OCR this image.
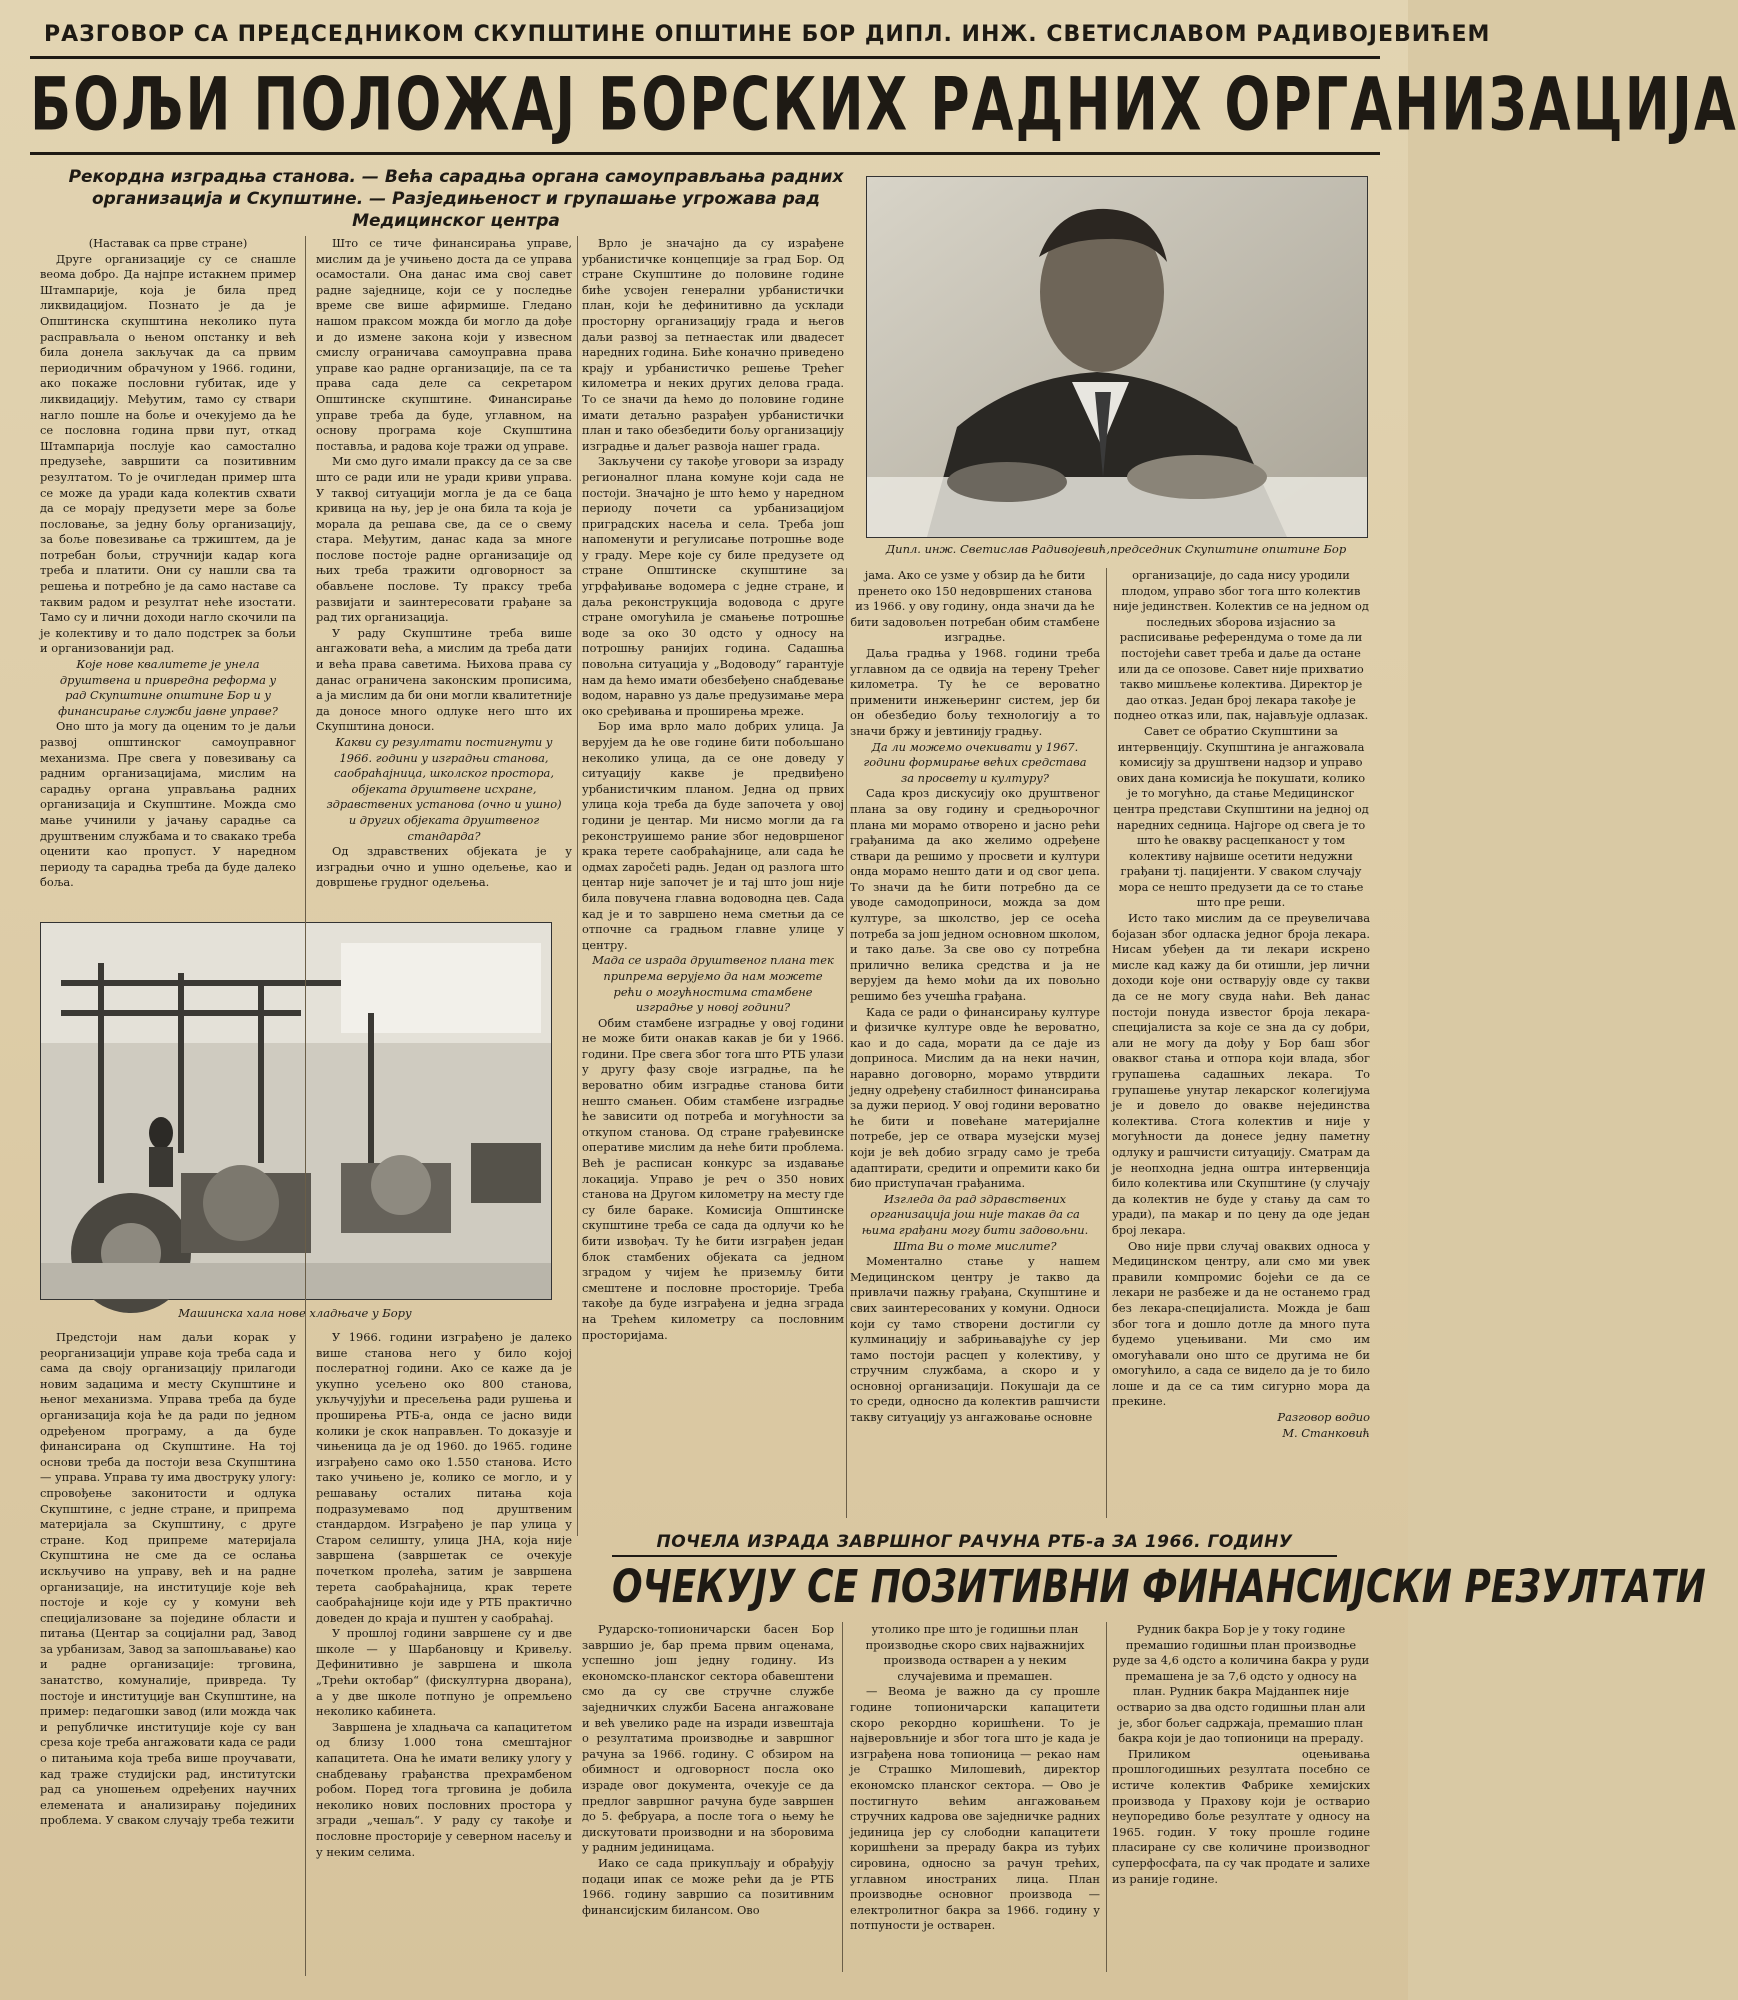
РАЗГОВОР СА ПРЕДСЕДНИКОМ СКУПШТИНЕ ОПШТИНЕ БОР ДИПЛ. ИНЖ. СВЕТИСЛАВОМ РАДИВОЈЕВИЋЕМ
БОЉИ ПОЛОЖАЈ БОРСКИХ РАДНИХ ОРГАНИЗАЦИЈА
Рекордна изградња станова. — Већа сарадња органа самоуправљања радних организација и Скупштине. — Разједињеност и групашање угрожава рад Медицинског центра
Дипл. инж. Светислав Радивојевић,председник Скупштине општине Бор
Машинска хала нове хладњаче у Бору

(Наставак са прве стране)

Друге организације су се снашле веома добро. Да најпре истакнем пример Штампарије, која је била пред ликвидацијом. Познато је да је Општинска скупштина неколико пута расправљала о њеном опстанку и већ била донела закључак да са првим периодичним обрачуном у 1966. години, ако покаже пословни губитак, иде у ликвидацију. Међутим, тамо су ствари нагло пошле на боље и очекујемо да ће се пословна година први пут, откад Штампарија послује као самостално предузеће, завршити са позитивним резултатом. То је очигледан пример шта се може да уради када колектив схвати да се морају предузети мере за боље пословање, за једну бољу организацију, за боље повезивање са тржиштем, да је потребан бољи, стручнији кадар кога треба и платити. Они су нашли сва та решења и потребно је да само наставе са таквим радом и резултат неће изостати. Тамо су и лични доходи нагло скочили па је колективу и то дало подстрек за бољи и организованији рад.

Које нове квалитете је унела друштвена и привредна реформа у рад Скупштине општине Бор и у финансирање служби јавне управе?

Оно што ја могу да оценим то је даљи развој општинског самоуправног механизма. Пре свега у повезивању са радним организацијама, мислим на сарадњу органа управљања радних организација и Скупштине. Можда смо мање учинили у јачању сарадње са друштвеним службама и то свакако треба оценити као пропуст. У наредном периоду та сарадња треба да буде далеко боља.

Предстоји нам даљи корак у реорганизацији управе која треба сада и сама да своју организацију прилагоди новим задацима и месту Скупштине и њеног механизма. Управа треба да буде организација која ће да ради по једном одређеном програму, а да буде финансирана од Скупштине. На тој основи треба да постоји веза Скупштина — управа. Управа ту има двоструку улогу: спровођење законитости и одлука Скупштине, с једне стране, и припрема материјала за Скупштину, с друге стране. Код припреме материјала Скупштина не сме да се ослања искључиво на управу, већ и на радне организације, на институције које већ постоје и које су у комуни већ специјализоване за поједине области и питања (Центар за социјални рад, Завод за урбанизам, Завод за запошљавање) као и радне организације: трговина, занатство, комуналије, привреда. Ту постоје и институције ван Скупштине, на пример: педагошки завод (или можда чак и републичке институције које су ван среза које треба ангажовати када се ради о питањима која треба више проучавати, кад траже студијски рад, институтски рад са уношењем одређених научних елемената и анализирању појединих проблема. У сваком случају треба тежити

Што се тиче финансирања управе, мислим да је учињено доста да се управа осамостали. Она данас има свој савет радне заједнице, који се у последње време све више афирмише. Гледано нашом праксом можда би могло да дође и до измене закона који у извесном смислу ограничава самоуправна права управе као радне организације, па се та права сада деле са секретаром Општинске скупштине. Финансирање управе треба да буде, углавном, на основу програма које Скупштина поставља, и радова које тражи од управе.

Ми смо дуго имали праксу да се за све што се ради или не уради криви управа. У таквој ситуацији могла је да се баца кривица на њу, јер је она била та која је морала да решава све, да се о свему стара. Међутим, данас када за многе послове постоје радне организације од њих треба тражити одговорност за обављене послове. Ту праксу треба развијати и заинтересовати грађане за рад тих организација.

У раду Скупштине треба више ангажовати већа, а мислим да треба дати и већа права саветима. Њихова права су данас ограничена законским прописима, а ја мислим да би они могли квалитетније да доносе много одлуке него што их Скупштина доноси.

Какви су резултати постигнути у 1966. години у изградњи станова, саобраћајница, школског простора, објеката друштвене исхране, здравствених установа (очно и ушно) и других објеката друштвеног стандарда?

Од здравствених објеката је у изградњи очно и ушно одељење, као и довршење грудног одељења.

У 1966. години изграђено је далеко више станова него у било којој послератној години. Ако се каже да је укупно усељено око 800 станова, укључујући и пресељења ради рушења и проширења РТБ-а, онда се јасно види колики је скок направљен. То доказује и чињеница да је од 1960. до 1965. године изграђено само око 1.550 станова. Исто тако учињено је, колико се могло, и у решавању осталих питања која подразумевамо под друштвеним стандардом. Изграђено је пар улица у Старом селишту, улица ЈНА, која није завршена (завршетак се очекује почетком пролећа, затим је завршена терета саобраћајница, крак терете саобраћајнице који иде у РТБ практично доведен до краја и пуштен у саобраћај.

У прошлој години завршене су и две школе — у Шарбановцу и Кривељу. Дефинитивно је завршена и школа „Трећи октобар“ (фискултурна дворана), а у две школе потпуно је опремљено неколико кабинета.

Завршена је хладњача са капацитетом од близу 1.000 тона смештајног капацитета. Она ће имати велику улогу у снабдевању грађанства прехрамбеном робом. Поред тога трговина је добила неколико нових пословних простора у згради „чешаљ“. У раду су такође и пословне просторије у северном насељу и у неким селима.

Врло је значајно да су израђене урбанистичке концепције за град Бор. Од стране Скупштине до половине године биће усвојен генерални урбанистички план, који ће дефинитивно да усклади просторну организацију града и његов даљи развој за петнаестак или двадесет наредних година. Биће коначно приведено крају и урбанистичко решење Трећег километра и неких других делова града. То се значи да ћемо до половине године имати детаљно разрађен урбанистички план и тако обезбедити бољу организацију изградње и даљег развоја нашег града.

Закључени су такође уговори за израду регионалног плана комуне који сада не постоји. Значајно је што ћемо у наредном периоду почети са урбанизацијом приградских насеља и села. Треба још напоменути и регулисање потрошње воде у граду. Мере које су биле предузете од стране Општинске скупштине за угрфађивање водомера с једне стране, и даља реконструкција водовода с друге стране омогућила је смањење потрошње воде за око 30 одсто у односу на потрошњу ранијих година. Садашња повољна ситуација у „Водоводу“ гарантује нам да ћемо имати обезбеђено снабдевање водом, наравно уз даље предузимање мера око сређивања и проширења мреже.

Бор има врло мало добрих улица. Ја верујем да ће ове године бити побољшано неколико улица, да се оне доведу у ситуацију какве је предвиђено урбанистичким планом. Једна од првих улица која треба да буде започета у овој години је центар. Ми нисмо могли да га реконструишемо рание због недовршеног крака терете саобраћајнице, али сада ће одмах započeti радњ. Један од разлога што центар није започет је и тај што још није била повучена главна водоводна цев. Сада кад је и то завршено нема сметњи да се отпочне са градњом главне улице у центру.

Мада се израда друштвеног плана тек припрема верујемо да нам можете рећи о могућностима стамбене изградње у новој години?

Обим стамбене изградње у овој години не може бити онакав какав је би у 1966. години. Пре свега због тога што РТБ улази у другу фазу своје изградње, па ће вероватно обим изградње станова бити нешто смањен. Обим стамбене изградње ће зависити од потреба и могућности за откупом станова. Од стране грађевинске оперативе мислим да неће бити проблема. Већ је расписан конкурс за издавање локација. Управо је реч о 350 нових станова на Другом километру на месту где су биле бараке. Комисија Општинске скупштине треба се сада да одлучи ко ће бити извођач. Ту ће бити изграђен један блок стамбених објеката са једном зградом у чијем ће приземљу бити смештене и пословне просторије. Треба такође да буде изграђена и једна зграда на Трећем километру са пословним просторијама.

јама. Ако се узме у обзир да ће бити пренето око 150 недовршених станова из 1966. у ову годину, онда значи да ће бити задовољен потребан обим стамбене изградње.

Даља градња у 1968. години треба углавном да се одвија на терену Трећег километра. Ту ће се вероватно применити инжењеринг систем, јер би он обезбедио бољу технологију а то значи бржу и јевтинију градњу.

Да ли можемо очекивати у 1967. години формирање већих средстава за просвету и културу?

Сада кроз дискусију око друштвеног плана за ову годину и средњорочног плана ми морамо отворено и јасно рећи грађанима да ако желимо одређене ствари да решимо у просвети и култури онда морамо нешто дати и од свог џепа. То значи да ће бити потребно да се уводе самодоприноси, можда за дом културе, за школство, јер се осећа потреба за још једном основном школом, и тако даље. За све ово су потребна прилично велика средства и ја не верујем да ћемо моћи да их повољно решимо без учешћа грађана.

Када се ради о финансирању културе и физичке културе овде ће вероватно, као и до сада, морати да се даје из доприноса. Мислим да на неки начин, наравно договорно, морамо утврдити једну одређену стабилност финансирања за дужи период. У овој години вероватно ће бити и повећане материјалне потребе, јер се отвара музејски музеј који је већ добио зграду само је треба адаптирати, средити и опремити како би био приступачан грађанима.

Изгледа да рад здравствених организација још није такав да са њима грађани могу бити задовољни. Шта Ви о томе мислите?

Моментално стање у нашем Медицинском центру је такво да привлачи пажњу грађана, Скупштине и свих заинтересованих у комуни. Односи који су тамо створени достигли су кулминацију и забрињавајуће су јер тамо постоји расцеп у колективу, у стручним службама, а скоро и у основној организацији. Покушаји да се то среди, односно да колектив рашчисти такву ситуацију уз ангажовање основне

организације, до сада нису уродили плодом, управо због тога што колектив није јединствен. Колектив се на једном од последњих зборова изјаснио за расписивање референдума о томе да ли постојећи савет треба и даље да остане или да се опозове. Савет није прихватио такво мишљење колектива. Директор је дао отказ. Један број лекара такође је поднео отказ или, пак, најављује одлазак. Савет се обратио Скупштини за интервенцију. Скупштина је ангажовала комисију за друштвени надзор и управо ових дана комисија ће покушати, колико је то могућно, да стање Медицинског центра представи Скупштини на једној од наредних седница. Најгоре од свега је то што ће овакву расцепканост у том колективу највише осетити недужни грађани тј. пацијенти. У сваком случају мора се нешто предузети да се то стање што пре реши.

Исто тако мислим да се преувеличава бојазан због одласка једног броја лекара. Нисам убеђен да ти лекари искрено мисле кад кажу да би отишли, јер лични доходи које они остварују овде су такви да се не могу свуда наћи. Већ данас постоји понуда известог броја лекара-специјалиста за које се зна да су добри, али не могу да дођу у Бор баш због оваквог стања и отпора који влада, због групашења садашњих лекара. То групашење унутар лекарског колегијума је и довело до овакве нејединства колектива. Стога колектив и није у могућности да донесе једну паметну одлуку и рашчисти ситуацију. Сматрам да је неопходна једна оштра интервенција било колектива или Скупштине (у случају да колектив не буде у стању да сам то уради), па макар и по цену да оде један број лекара.

Ово није први случај оваквих односа у Медицинском центру, али смо ми увек правили компромис бојећи се да се лекари не разбеже и да не останемо град без лекара-специјалиста. Можда је баш због тога и дошло дотле да много пута будемо уцењивани. Ми смо им омогућавали оно што се другима не би омогућило, а сада се видело да је то било лоше и да се са тим сигурно мора да прекине.

Разговор водио

М. Станковић

ПОЧЕЛА ИЗРАДА ЗАВРШНОГ РАЧУНА РТБ-а ЗА 1966. ГОДИНУ
ОЧЕКУЈУ СЕ ПОЗИТИВНИ ФИНАНСИЈСКИ РЕЗУЛТАТИ

Рударско-топионичарски басен Бор завршио је, бар према првим оценама, успешно још једну годину. Из економско-планског сектора обавештени смо да су све стручне службе заједничких служби Басена ангажоване и већ увелико раде на изради извештаја о резултатима производње и завршног рачуна за 1966. годину. С обзиром на обимност и одговорност посла око израде овог документа, очекује се да предлог завршног рачуна буде завршен до 5. фебруара, а после тога о њему ће дискутовати производни и на зборовима у радним јединицама.

Иако се сада прикупљају и обрађују подаци ипак се може рећи да је РТБ 1966. годину завршио са позитивним финансијским билансом. Ово

утолико пре што је годишњи план производње скоро свих најважнијих производа остварен а у неким случајевима и премашен.

— Веома је важно да су прошле године топионичарски капацитети скоро рекордно коришћени. То је најверовљније и због тога што је када је изграђена нова топионица — рекао нам је Страшко Милошевић, директор економско планског сектора. — Ово је постигнуто већим ангажовањем стручних кадрова ове заједничке радних јединица јер су слободни капацитети коришћени за прераду бакра из туђих сировина, односно за рачун трећих, углавном иностраних лица. План производње основног производа — електролитног бакра за 1966. годину у потпуности је остварен.

Рудник бакра Бор је у току године премашио годишњи план производње руде за 4,6 одсто а количина бакра у руди премашена је за 7,6 одсто у односу на план. Рудник бакра Мајданпек није остварио за два одсто годишњи план али је, због бољег садржаја, премашио план бакра који је дао топионици на прераду.

Приликом оцењивања прошлогодишњих резултата посебно се истиче колектив Фабрике хемијских производа у Прахову који је остварио неупоредиво боље резултате у односу на 1965. годин. У току прошле године пласиране су све количине производног суперфосфата, па су чак продате и залихе из раније године.
